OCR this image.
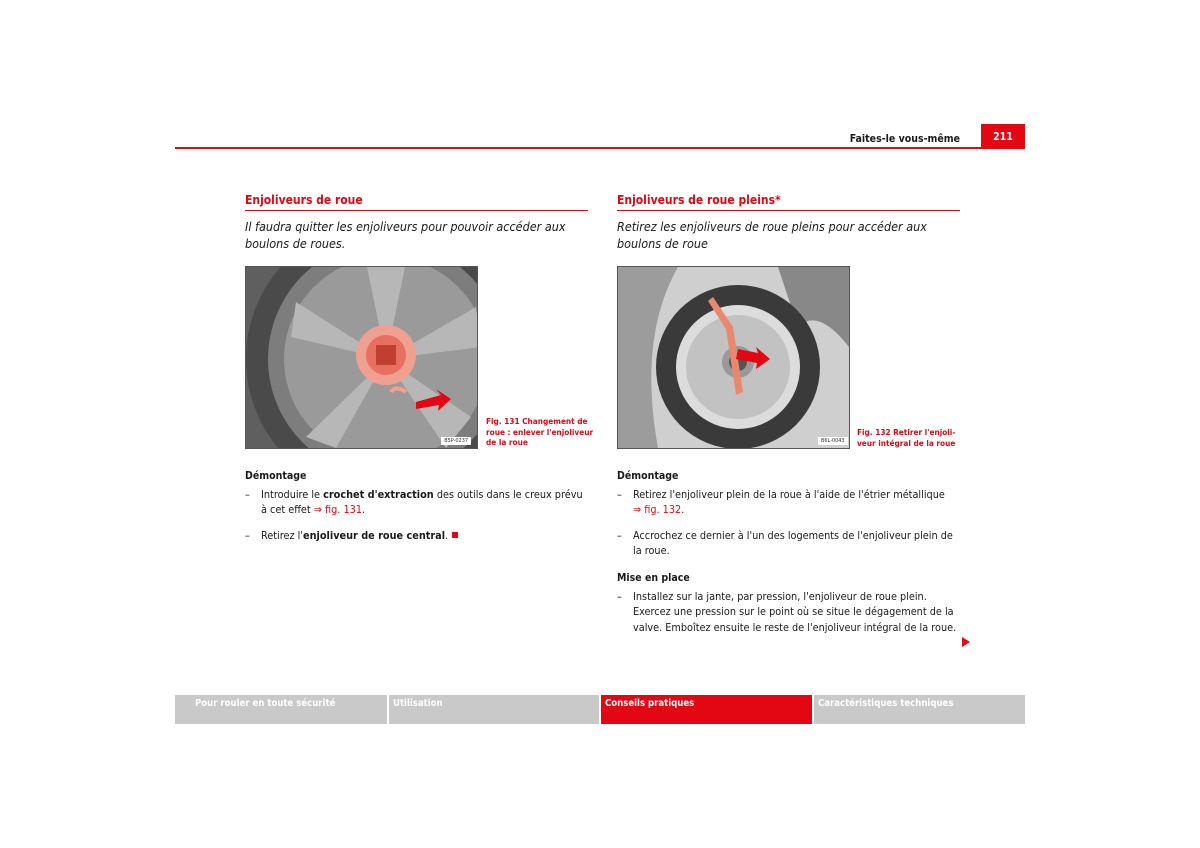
Faites-le vous-même	211
Enjoliveurs de roue
Il faudra quitter les enjoliveurs pour pouvoir accéder aux
boulons de roues.
B5P-0237
Fig. 131 Changement de
roue : enlever l'enjoliveur
de la roue
Démontage
– Introduire le crochet d'extraction des outils dans le creux prévu à cet effet ⇒ fig. 131.
– Retirez l'enjoliveur de roue central.
Enjoliveurs de roue pleins*
Retirez les enjoliveurs de roue pleins pour accéder aux
boulons de roue
B6L-0043
Fig. 132 Retirer l'enjoli-
veur intégral de la roue
Démontage
– Retirez l'enjoliveur plein de la roue à l'aide de l'étrier métallique
⇒ fig. 132.
– Accrochez ce dernier à l'un des logements de l'enjoliveur plein de la roue.
Mise en place
– Installez sur la jante, par pression, l'enjoliveur de roue plein. Exercez une pression sur le point où se situe le dégagement de la valve. Emboîtez ensuite le reste de l'enjoliveur intégral de la roue.
Pour rouler en toute sécurité	Utilisation	Conseils pratiques	Caractéristiques techniques
